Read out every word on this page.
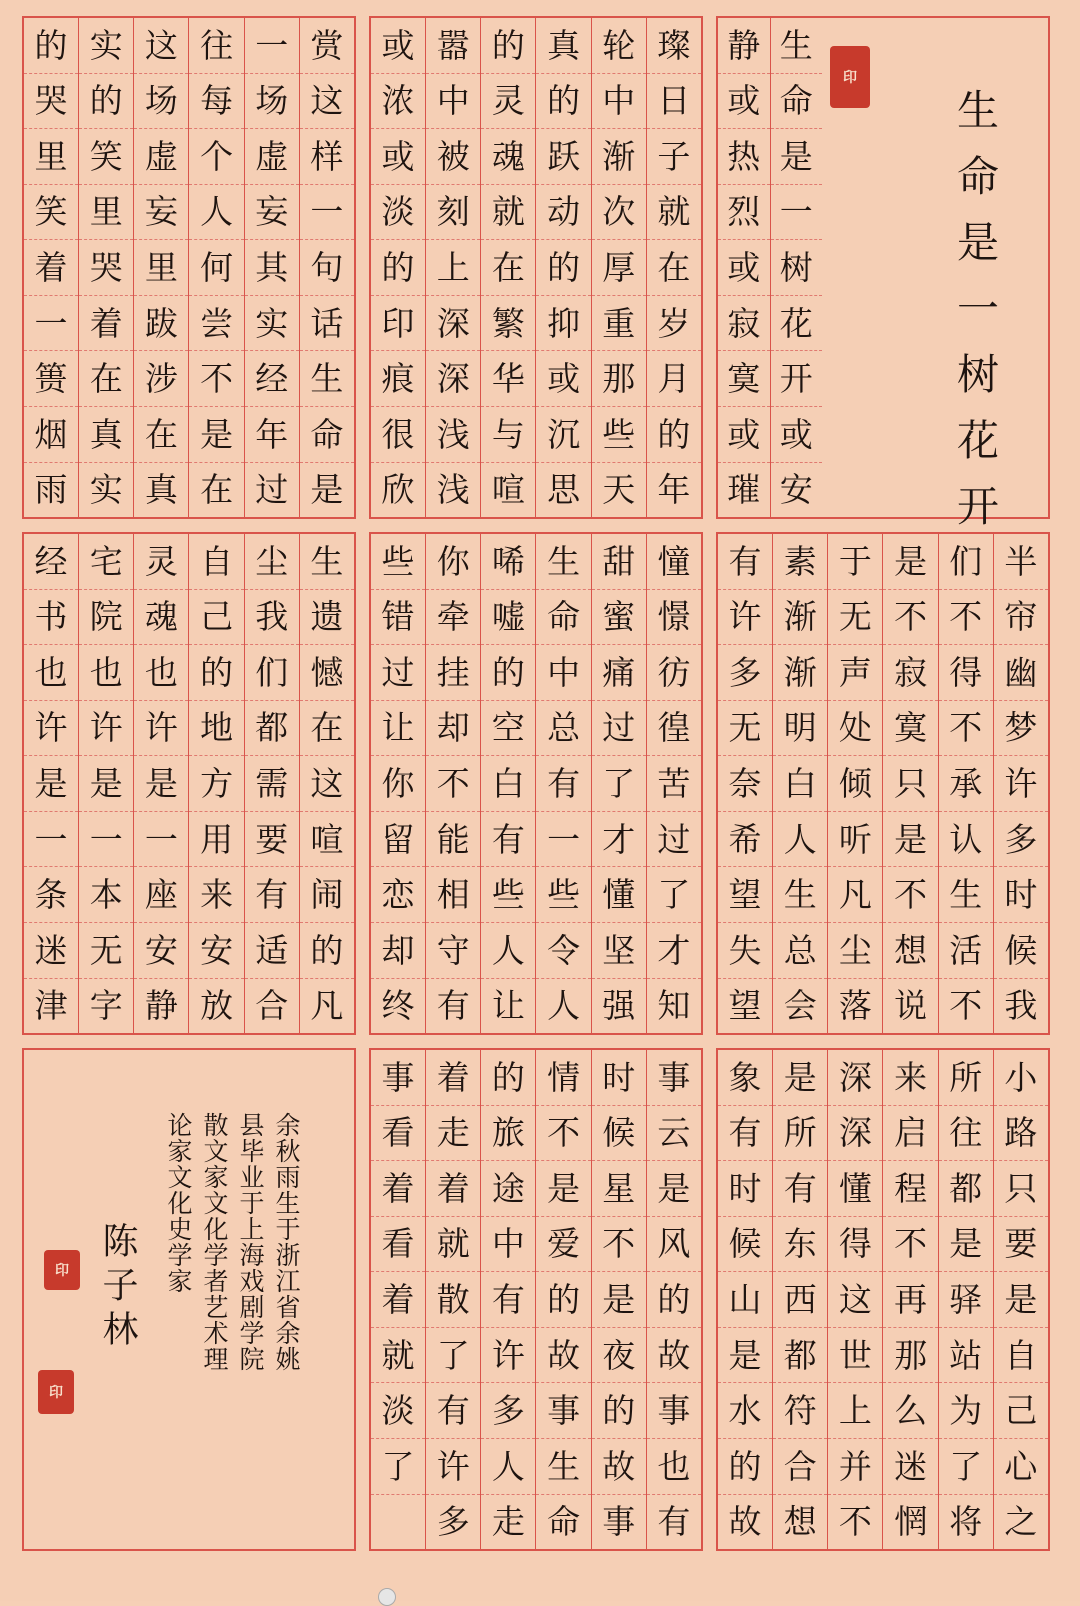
生
命
是
一
树
花
开
印
生
命
是
一
树
花
开
或
安
静
或
热
烈
或
寂
寞
或
璀
璨
日
子
就
在
岁
月
的
年
轮
中
渐
次
厚
重
那
些
天
真
的
跃
动
的
抑
或
沉
思
的
灵
魂
就
在
繁
华
与
喧
嚣
中
被
刻
上
深
深
浅
浅
或
浓
或
淡
的
印
痕
很
欣
赏
这
样
一
句
话
生
命
是
一
场
虚
妄
其
实
经
年
过
往
每
个
人
何
尝
不
是
在
这
场
虚
妄
里
跋
涉
在
真
实
的
笑
里
哭
着
在
真
实
的
哭
里
笑
着
一
篑
烟
雨
半
帘
幽
梦
许
多
时
候
我
们
不
得
不
承
认
生
活
不
是
不
寂
寞
只
是
不
想
说
于
无
声
处
倾
听
凡
尘
落
素
渐
渐
明
白
人
生
总
会
有
许
多
无
奈
希
望
失
望
憧
憬
彷
徨
苦
过
了
才
知
甜
蜜
痛
过
了
才
懂
坚
强
生
命
中
总
有
一
些
令
人
唏
嘘
的
空
白
有
些
人
让
你
牵
挂
却
不
能
相
守
有
些
错
过
让
你
留
恋
却
终
生
遗
憾
在
这
喧
闹
的
凡
尘
我
们
都
需
要
有
适
合
自
己
的
地
方
用
来
安
放
灵
魂
也
许
是
一
座
安
静
宅
院
也
许
是
一
本
无
字
经
书
也
许
是
一
条
迷
津
小
路
只
要
是
自
己
心
之
所
往
都
是
驿
站
为
了
将
来
启
程
不
再
那
么
迷
惘
深
深
懂
得
这
世
上
并
不
是
所
有
东
西
都
符
合
想
象
有
时
候
山
是
水
的
故
事
云
是
风
的
故
事
也
有
时
候
星
不
是
夜
的
故
事
情
不
是
爱
的
故
事
生
命
的
旅
途
中
有
许
多
人
走
着
走
着
就
散
了
有
许
多
事
看
着
看
着
就
淡
了
余秋雨生于浙江省余姚
县毕业于上海戏剧学院
散文家文化学者艺术理
论家文化史学家
陈子林
印
印
